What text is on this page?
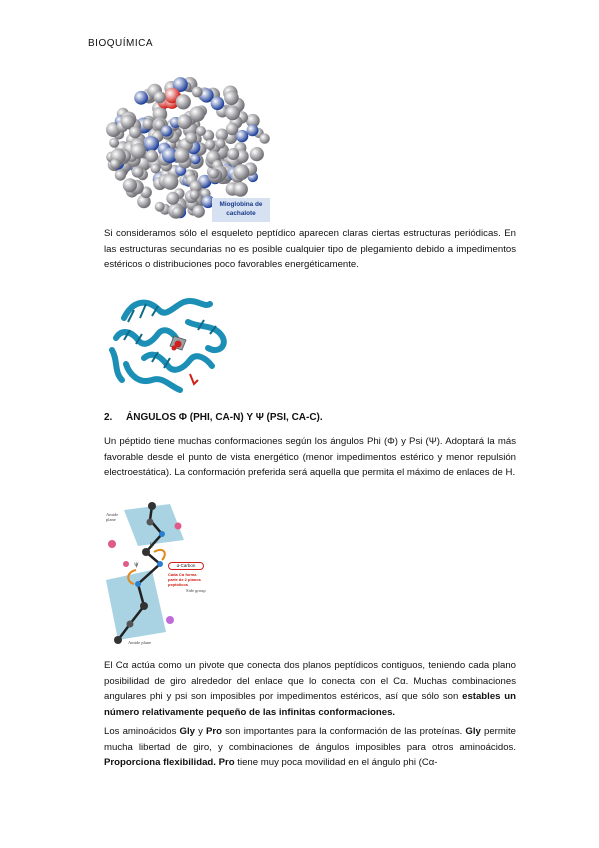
BIOQUÍMICA
Mioglobina de
cachalote

Si consideramos sólo el esqueleto peptídico aparecen claras ciertas estructuras periódicas. En las estructuras secundarias no es posible cualquier tipo de plegamiento debido a impedimentos estéricos o distribuciones poco favorables energéticamente.

2. ÁNGULOS Φ (PHI, CA-N) Y Ψ (PSI, CA-C).

Un péptido tiene muchas conformaciones según los ángulos Phi (Φ) y Psi (Ψ). Adoptará la más favorable desde el punto de vista energético (menor impedimentos estérico y menor repulsión electroestática). La conformación preferida será aquella que permita el máximo de enlaces de H.

φ
ψ
Amide plane
Side group
Amide plane
α-Carbon
Cada Cα forma parte de 2 planos peptídicos

El Cα actúa como un pivote que conecta dos planos peptídicos contiguos, teniendo cada plano posibilidad de giro alrededor del enlace que lo conecta con el Cα. Muchas combinaciones angulares phi y psi son imposibles por impedimentos estéricos, así que sólo son estables un número relativamente pequeño de las infinitas conformaciones.

Los aminoácidos Gly y Pro son importantes para la conformación de las proteínas. Gly permite mucha libertad de giro, y combinaciones de ángulos imposibles para otros aminoácidos. Proporciona flexibilidad. Pro tiene muy poca movilidad en el ángulo phi (Cα-
